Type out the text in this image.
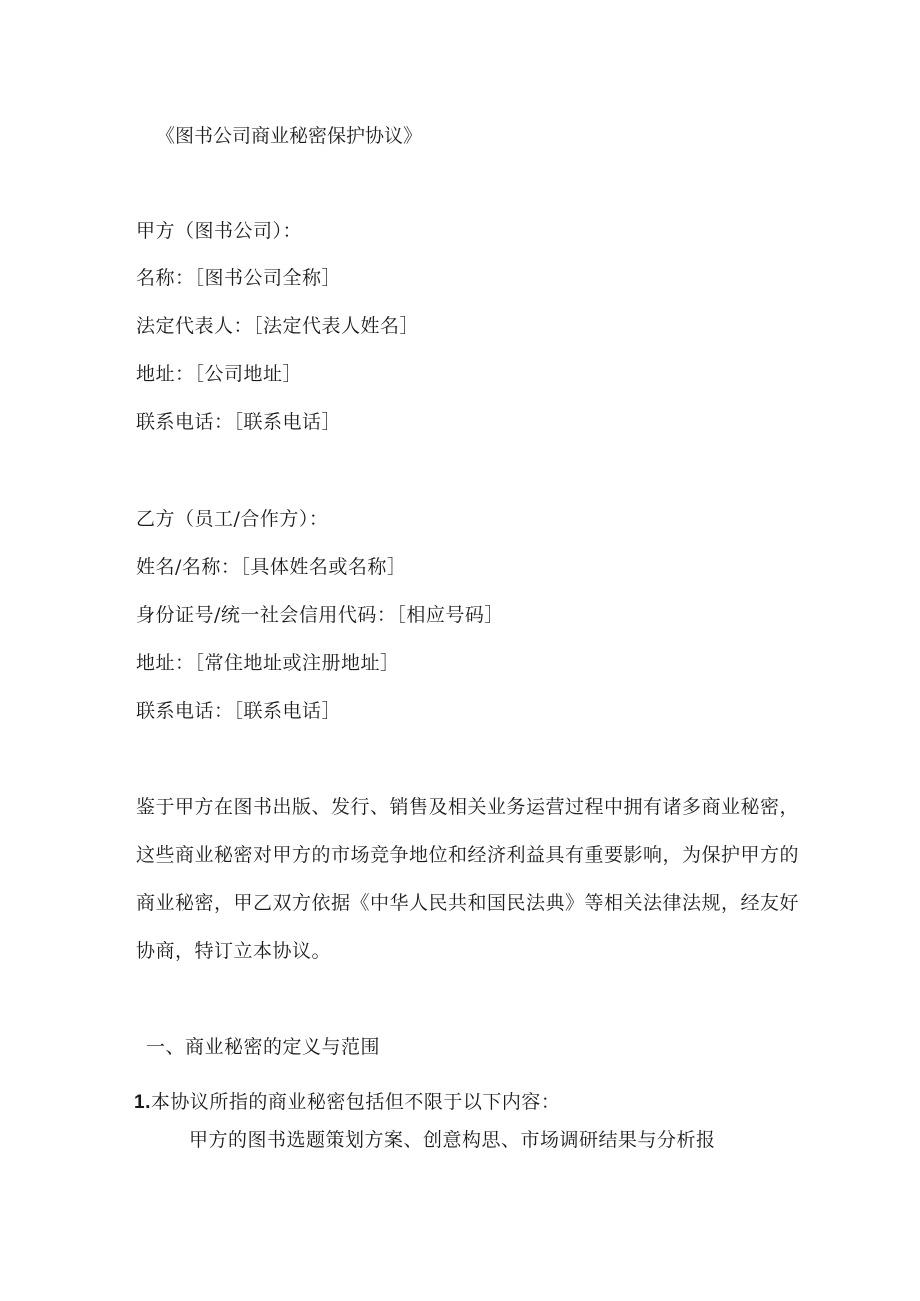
《图书公司商业秘密保护协议》
甲方（图书公司）：
名称：［图书公司全称］
法定代表人：［法定代表人姓名］
地址：［公司地址］
联系电话：［联系电话］
乙方（员工/合作方）：
姓名/名称：［具体姓名或名称］
身份证号/统一社会信用代码：［相应号码］
地址：［常住地址或注册地址］
联系电话：［联系电话］
鉴于甲方在图书出版、发行、销售及相关业务运营过程中拥有诸多商业秘密，
这些商业秘密对甲方的市场竞争地位和经济利益具有重要影响，为保护甲方的
商业秘密，甲乙双方依据《中华人民共和国民法典》等相关法律法规，经友好
协商，特订立本协议。
一、商业秘密的定义与范围
1.本协议所指的商业秘密包括但不限于以下内容：
甲方的图书选题策划方案、创意构思、市场调研结果与分析报
